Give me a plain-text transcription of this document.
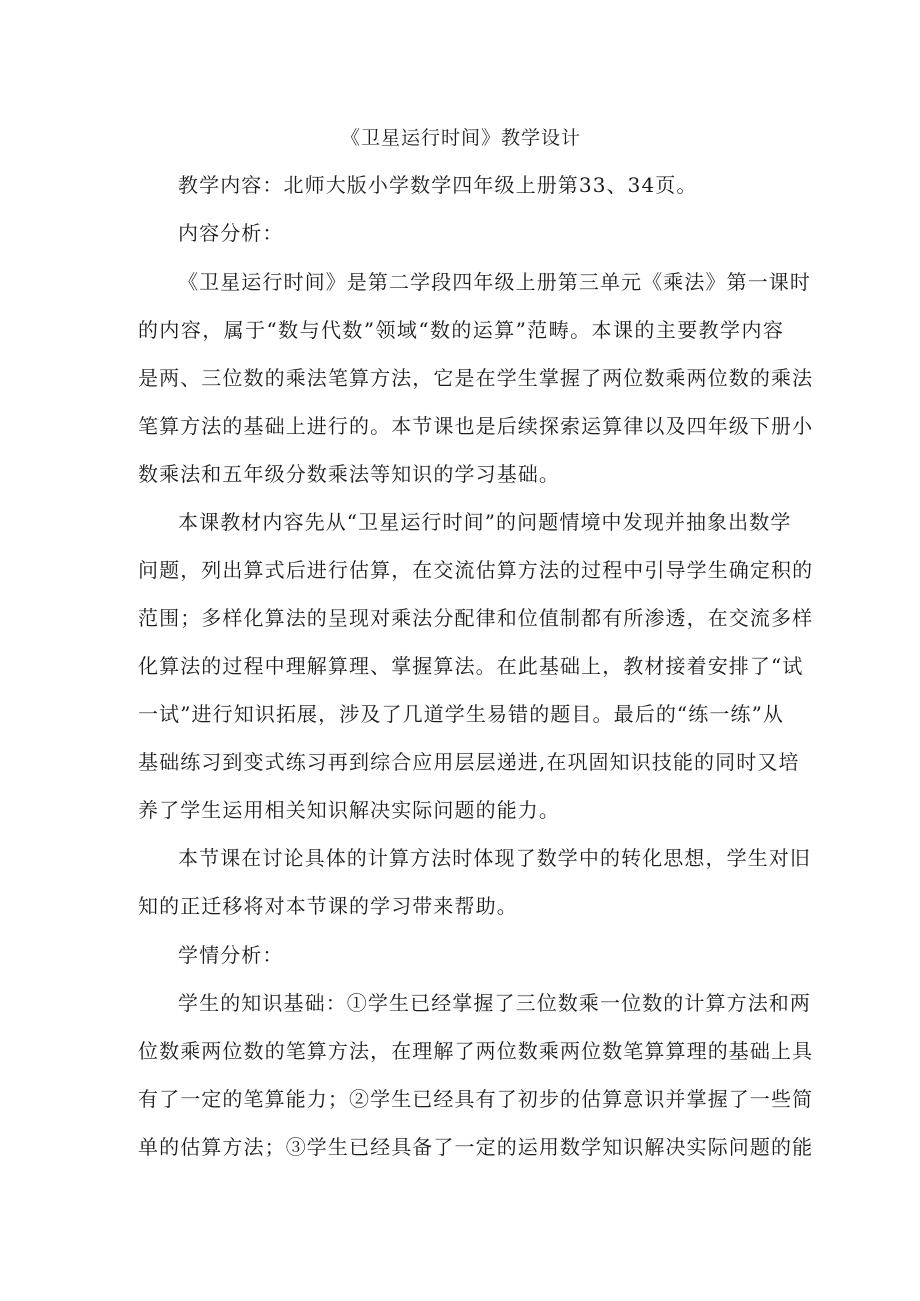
《卫星运行时间》教学设计
教学内容：北师大版小学数学四年级上册第33、34页。
内容分析：
《卫星运行时间》是第二学段四年级上册第三单元《乘法》第一课时
的内容，属于“数与代数”领域“数的运算”范畴。本课的主要教学内容
是两、三位数的乘法笔算方法，它是在学生掌握了两位数乘两位数的乘法
笔算方法的基础上进行的。本节课也是后续探索运算律以及四年级下册小
数乘法和五年级分数乘法等知识的学习基础。
本课教材内容先从“卫星运行时间”的问题情境中发现并抽象出数学
问题，列出算式后进行估算，在交流估算方法的过程中引导学生确定积的
范围；多样化算法的呈现对乘法分配律和位值制都有所渗透，在交流多样
化算法的过程中理解算理、掌握算法。在此基础上，教材接着安排了“试
一试”进行知识拓展，涉及了几道学生易错的题目。最后的“练一练”从
基础练习到变式练习再到综合应用层层递进,在巩固知识技能的同时又培
养了学生运用相关知识解决实际问题的能力。
本节课在讨论具体的计算方法时体现了数学中的转化思想，学生对旧
知的正迁移将对本节课的学习带来帮助。
学情分析：
学生的知识基础：①学生已经掌握了三位数乘一位数的计算方法和两
位数乘两位数的笔算方法，在理解了两位数乘两位数笔算算理的基础上具
有了一定的笔算能力；②学生已经具有了初步的估算意识并掌握了一些简
单的估算方法；③学生已经具备了一定的运用数学知识解决实际问题的能
